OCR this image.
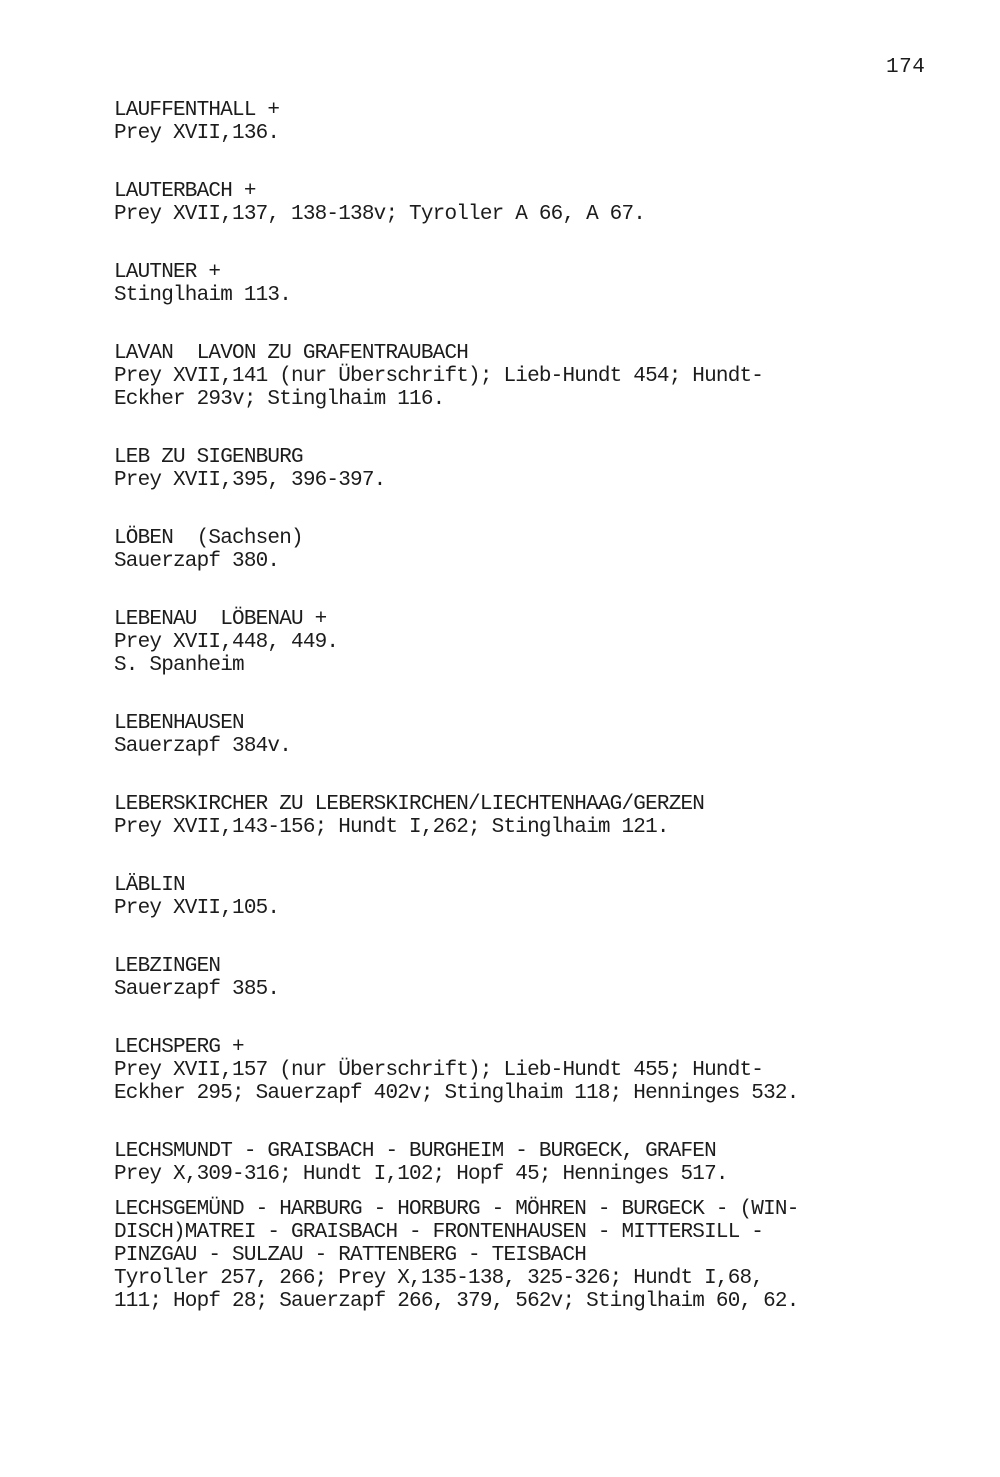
174
LAUFFENTHALL +
Prey XVII,136.
LAUTERBACH +
Prey XVII,137, 138-138v; Tyroller A 66, A 67.
LAUTNER +
Stinglhaim 113.
LAVAN  LAVON ZU GRAFENTRAUBACH
Prey XVII,141 (nur Überschrift); Lieb-Hundt 454; Hundt-
Eckher 293v; Stinglhaim 116.
LEB ZU SIGENBURG
Prey XVII,395, 396-397.
LÖBEN  (Sachsen)
Sauerzapf 380.
LEBENAU  LÖBENAU +
Prey XVII,448, 449.
S. Spanheim
LEBENHAUSEN
Sauerzapf 384v.
LEBERSKIRCHER ZU LEBERSKIRCHEN/LIECHTENHAAG/GERZEN
Prey XVII,143-156; Hundt I,262; Stinglhaim 121.
LÄBLIN
Prey XVII,105.
LEBZINGEN
Sauerzapf 385.
LECHSPERG +
Prey XVII,157 (nur Überschrift); Lieb-Hundt 455; Hundt-
Eckher 295; Sauerzapf 402v; Stinglhaim 118; Henninges 532.
LECHSMUNDT - GRAISBACH - BURGHEIM - BURGECK, GRAFEN
Prey X,309-316; Hundt I,102; Hopf 45; Henninges 517.
LECHSGEMÜND - HARBURG - HORBURG - MÖHREN - BURGECK - (WIN-
DISCH)MATREI - GRAISBACH - FRONTENHAUSEN - MITTERSILL -
PINZGAU - SULZAU - RATTENBERG - TEISBACH
Tyroller 257, 266; Prey X,135-138, 325-326; Hundt I,68,
111; Hopf 28; Sauerzapf 266, 379, 562v; Stinglhaim 60, 62.
